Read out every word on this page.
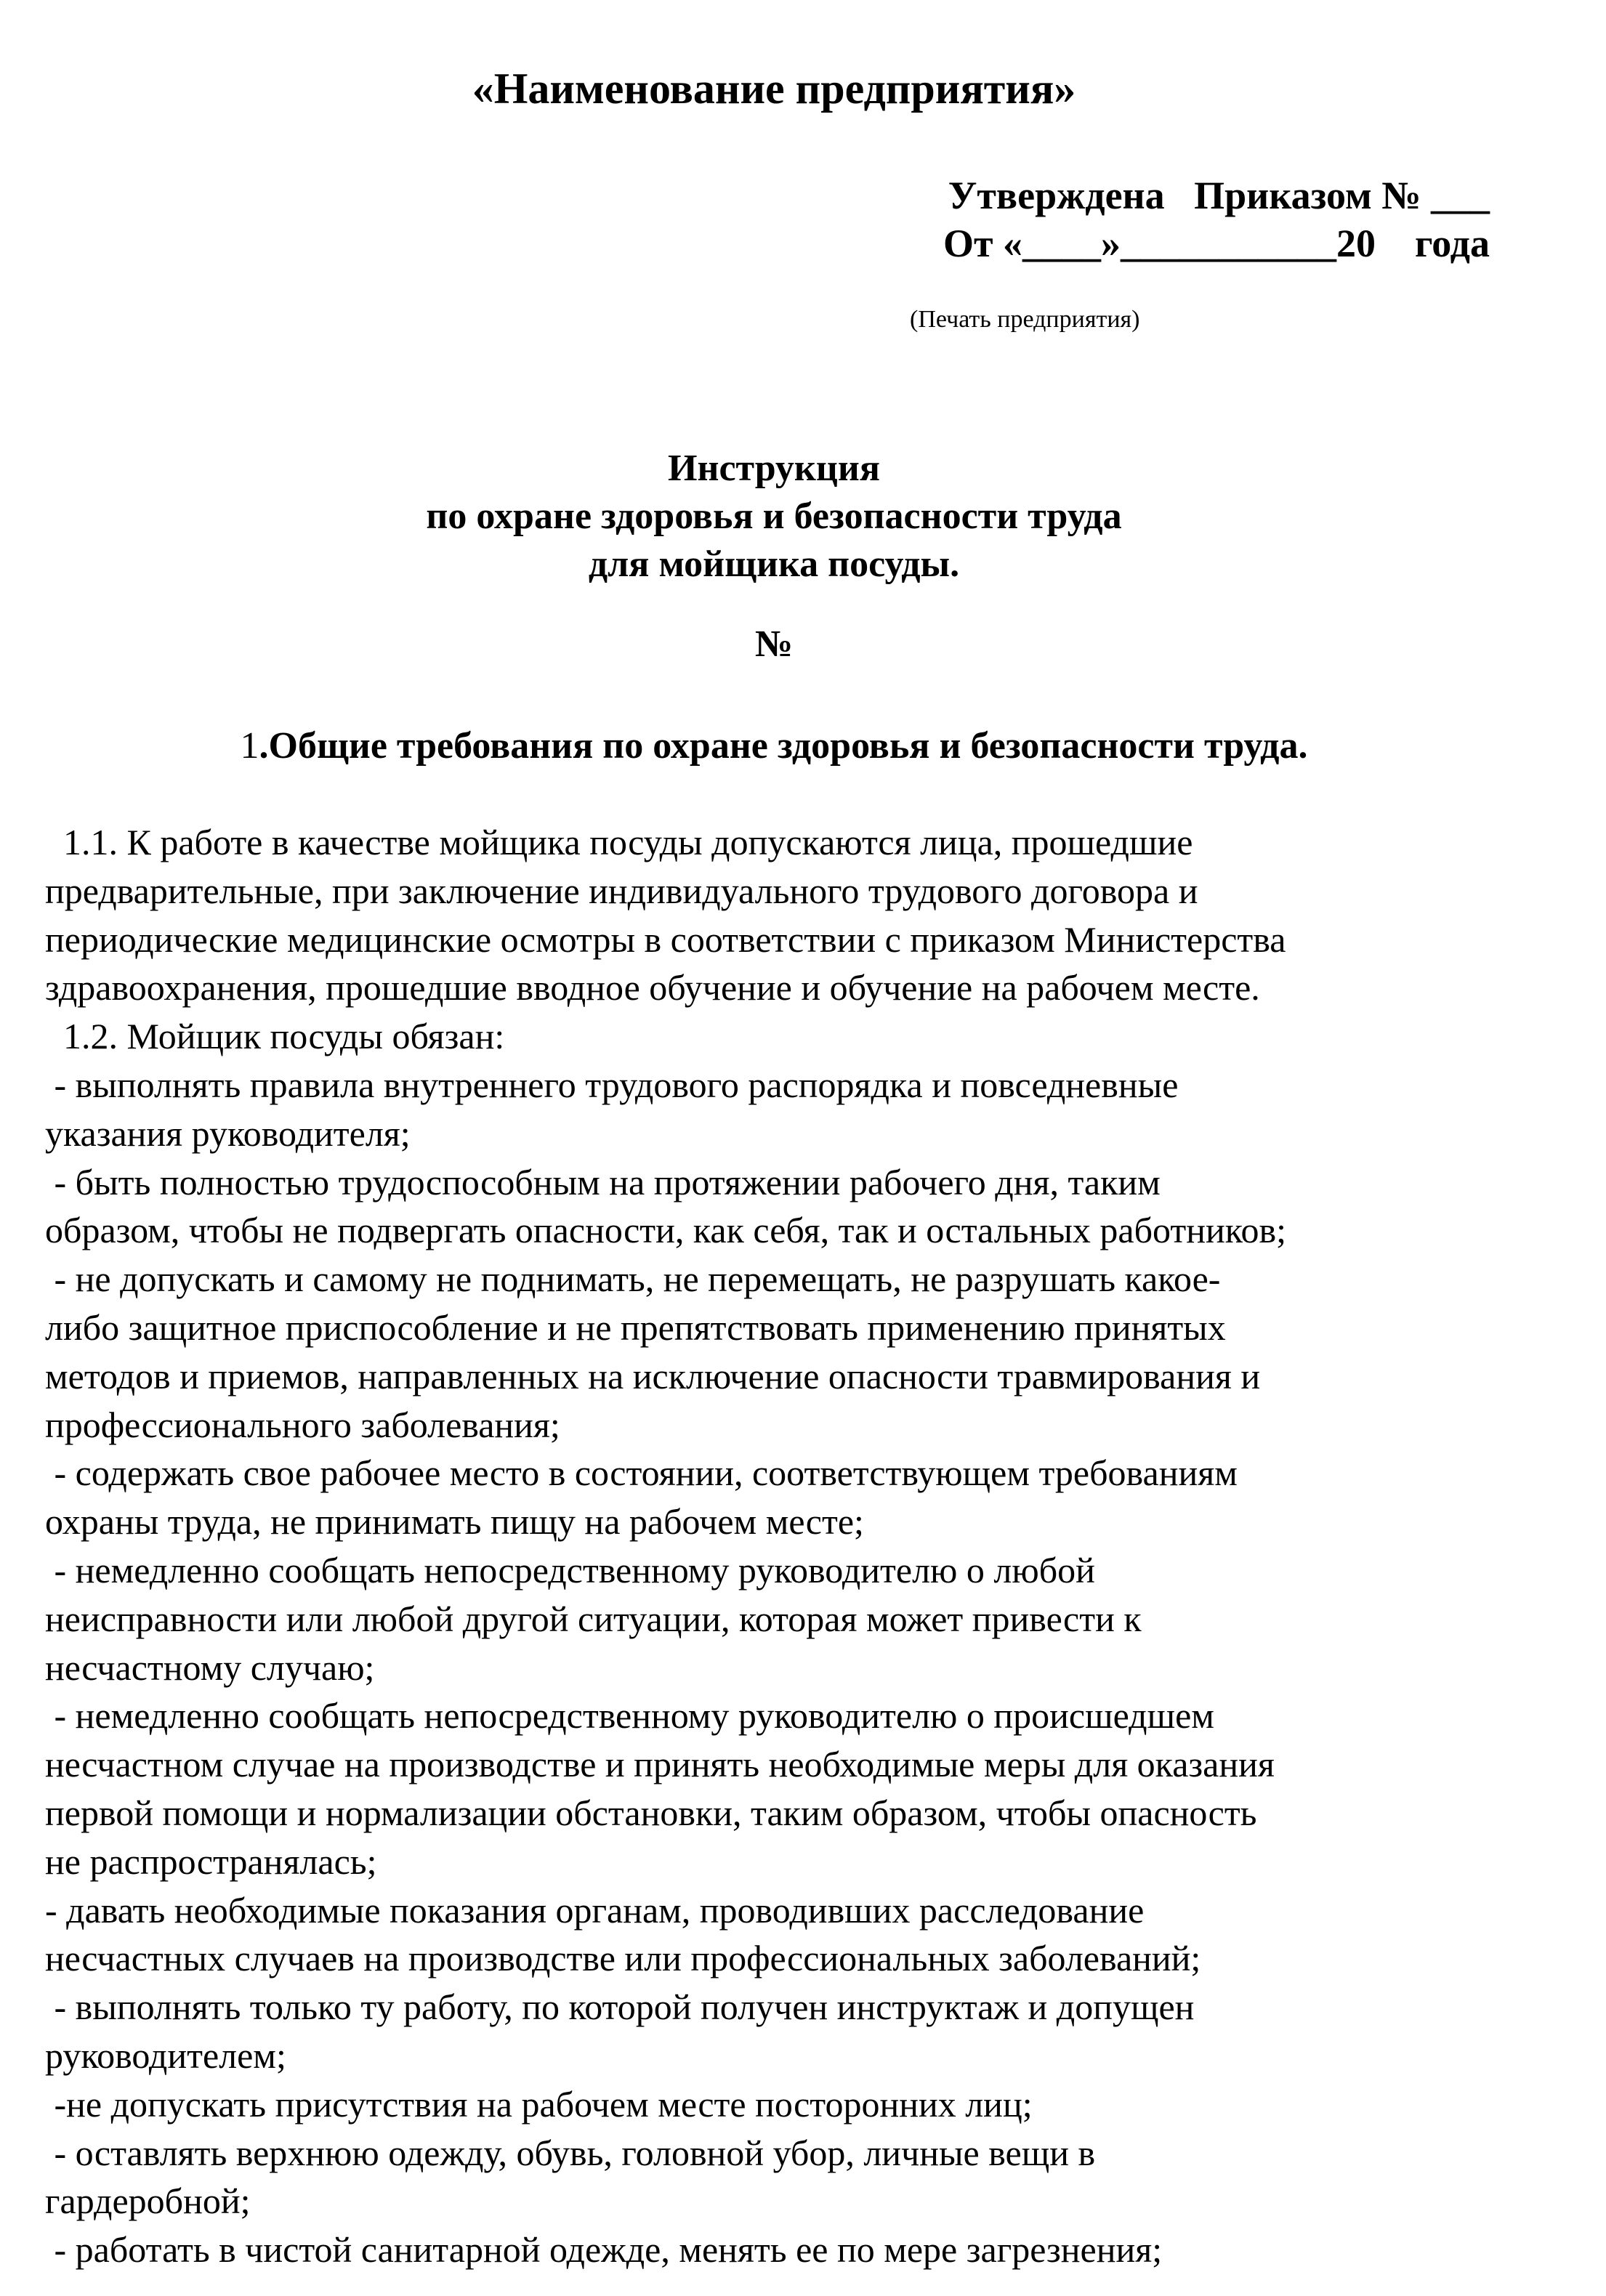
«Наименование предприятия»
Утверждена   Приказом № ___
От «____»___________20    года
(Печать предприятия)
Инструкция
по охране здоровья и безопасности труда
для мойщика посуды.
№
1.Общие требования по охране здоровья и безопасности труда.
1.1. К работе в качестве мойщика посуды допускаются лица, прошедшие
предварительные, при заключение индивидуального трудового договора и
периодические медицинские осмотры в соответствии с приказом Министерства
здравоохранения, прошедшие вводное обучение и обучение на рабочем месте.
1.2. Мойщик посуды обязан:
- выполнять правила внутреннего трудового распорядка и повседневные
указания руководителя;
- быть полностью трудоспособным на протяжении рабочего дня, таким
образом, чтобы не подвергать опасности, как себя, так и остальных работников;
- не допускать и самому не поднимать, не перемещать, не разрушать какое-
либо защитное приспособление и не препятствовать применению принятых
методов и приемов, направленных на исключение опасности травмирования и
профессионального заболевания;
- содержать свое рабочее место в состоянии, соответствующем требованиям
охраны труда, не принимать пищу на рабочем месте;
- немедленно сообщать непосредственному руководителю о любой
неисправности или любой другой ситуации, которая может привести к
несчастному случаю;
- немедленно сообщать непосредственному руководителю о происшедшем
несчастном случае на производстве и принять необходимые меры для оказания
первой помощи и нормализации обстановки, таким образом, чтобы опасность
не распространялась;
- давать необходимые показания органам, проводивших расследование
несчастных случаев на производстве или профессиональных заболеваний;
- выполнять только ту работу, по которой получен инструктаж и допущен
руководителем;
-не допускать присутствия на рабочем месте посторонних лиц;
- оставлять верхнюю одежду, обувь, головной убор, личные вещи в
гардеробной;
- работать в чистой санитарной одежде, менять ее по мере загрезнения;
